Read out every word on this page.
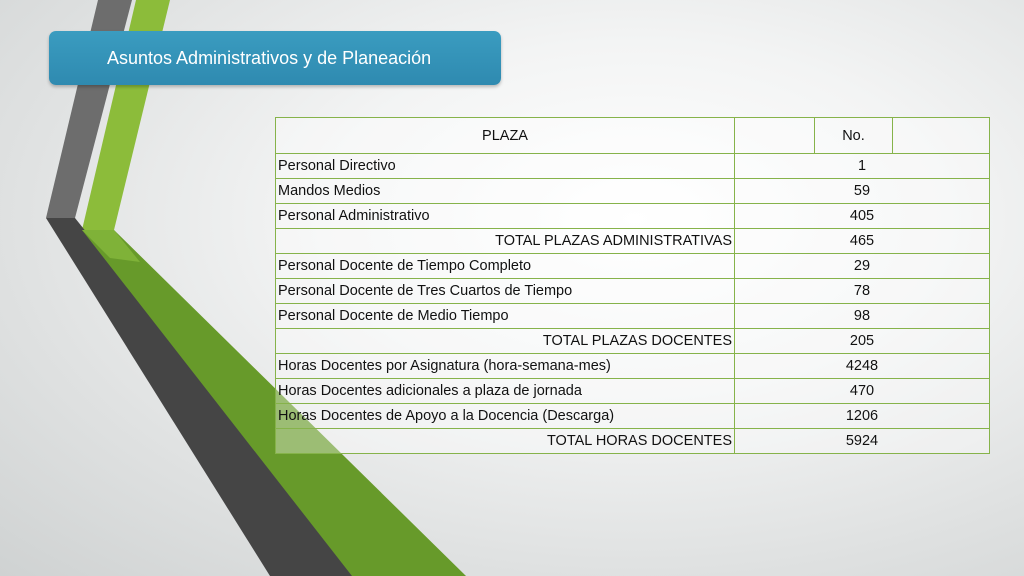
Asuntos Administrativos y de Planeación
PLAZA		No.	
Personal Directivo	1		
Mandos Medios	59		
Personal Administrativo	405		
TOTAL PLAZAS ADMINISTRATIVAS	465		
Personal Docente de Tiempo Completo	29		
Personal Docente de Tres Cuartos de Tiempo	78		
Personal Docente de Medio Tiempo	98		
TOTAL PLAZAS DOCENTES	205		
Horas Docentes por Asignatura (hora-semana-mes)	4248		
Horas Docentes adicionales a plaza de jornada	470		
Horas Docentes de Apoyo a la Docencia (Descarga)	1206		
TOTAL HORAS DOCENTES	5924		
